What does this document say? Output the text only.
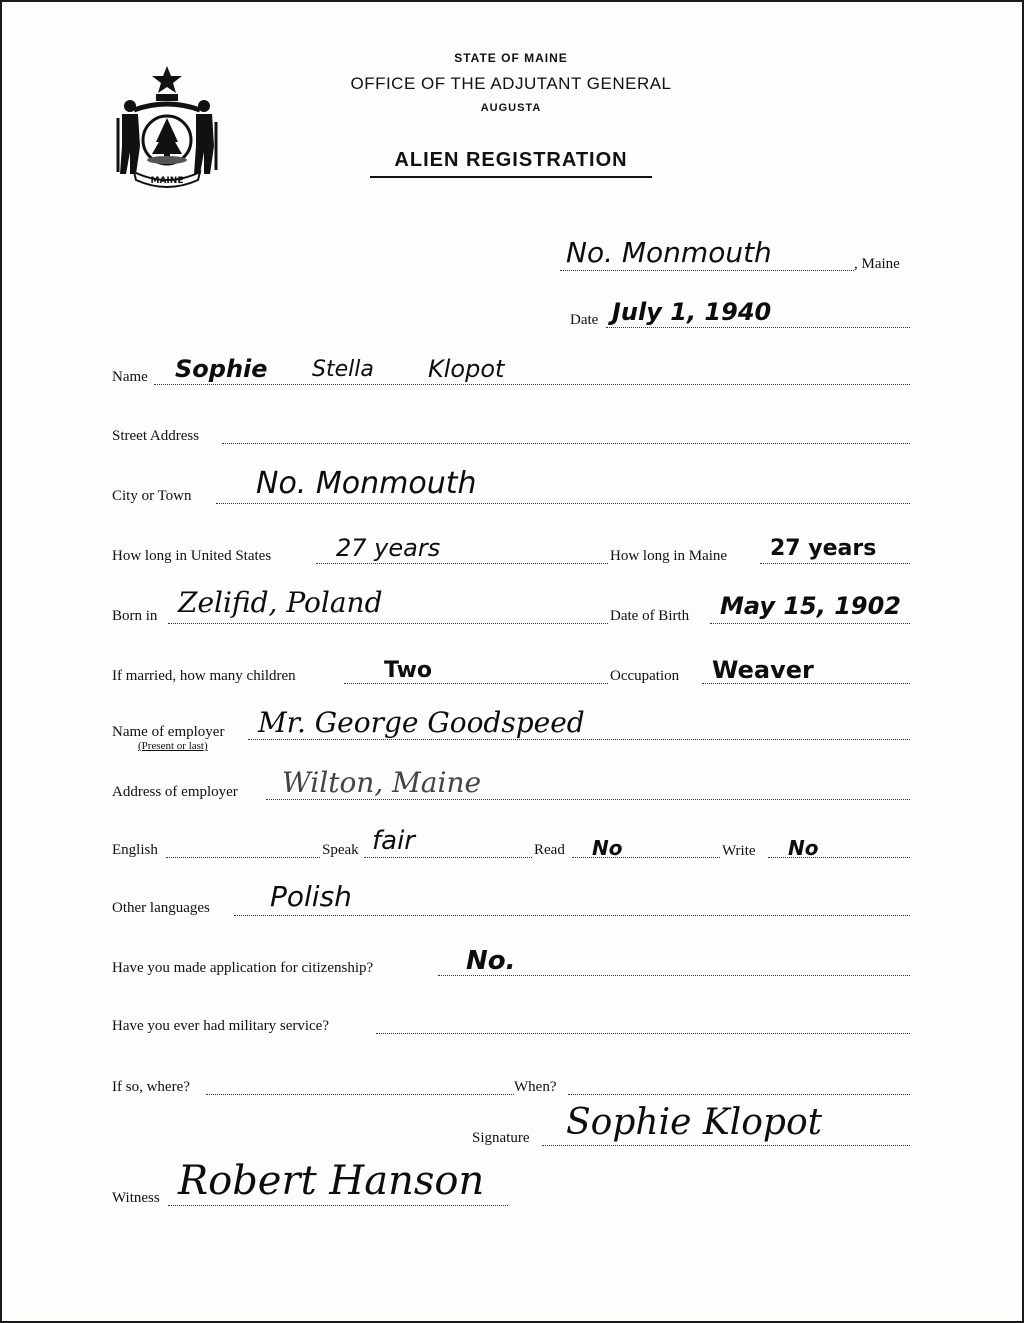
MAINE
STATE OF MAINE
OFFICE OF THE ADJUTANT GENERAL
AUGUSTA
ALIEN REGISTRATION
No. Monmouth	, Maine
Date July 1, 1940
Name Sophie Stella Klopot
Street Address
City or Town No. Monmouth
How long in United States	27 years	How long in Maine 27 years
Born in Zelifid, Poland	Date of Birth May 15, 1902
If married, how many children	Two	Occupation Weaver
Name of employer
(Present or last)
Mr. George Goodspeed
Address of employer Wilton, Maine
English	Speak fair	Read No	Write No
Other languages Polish
Have you made application for citizenship?	No.
Have you ever had military service?
If so, where?	When?
Signature Sophie Klopot
Witness Robert Hanson
